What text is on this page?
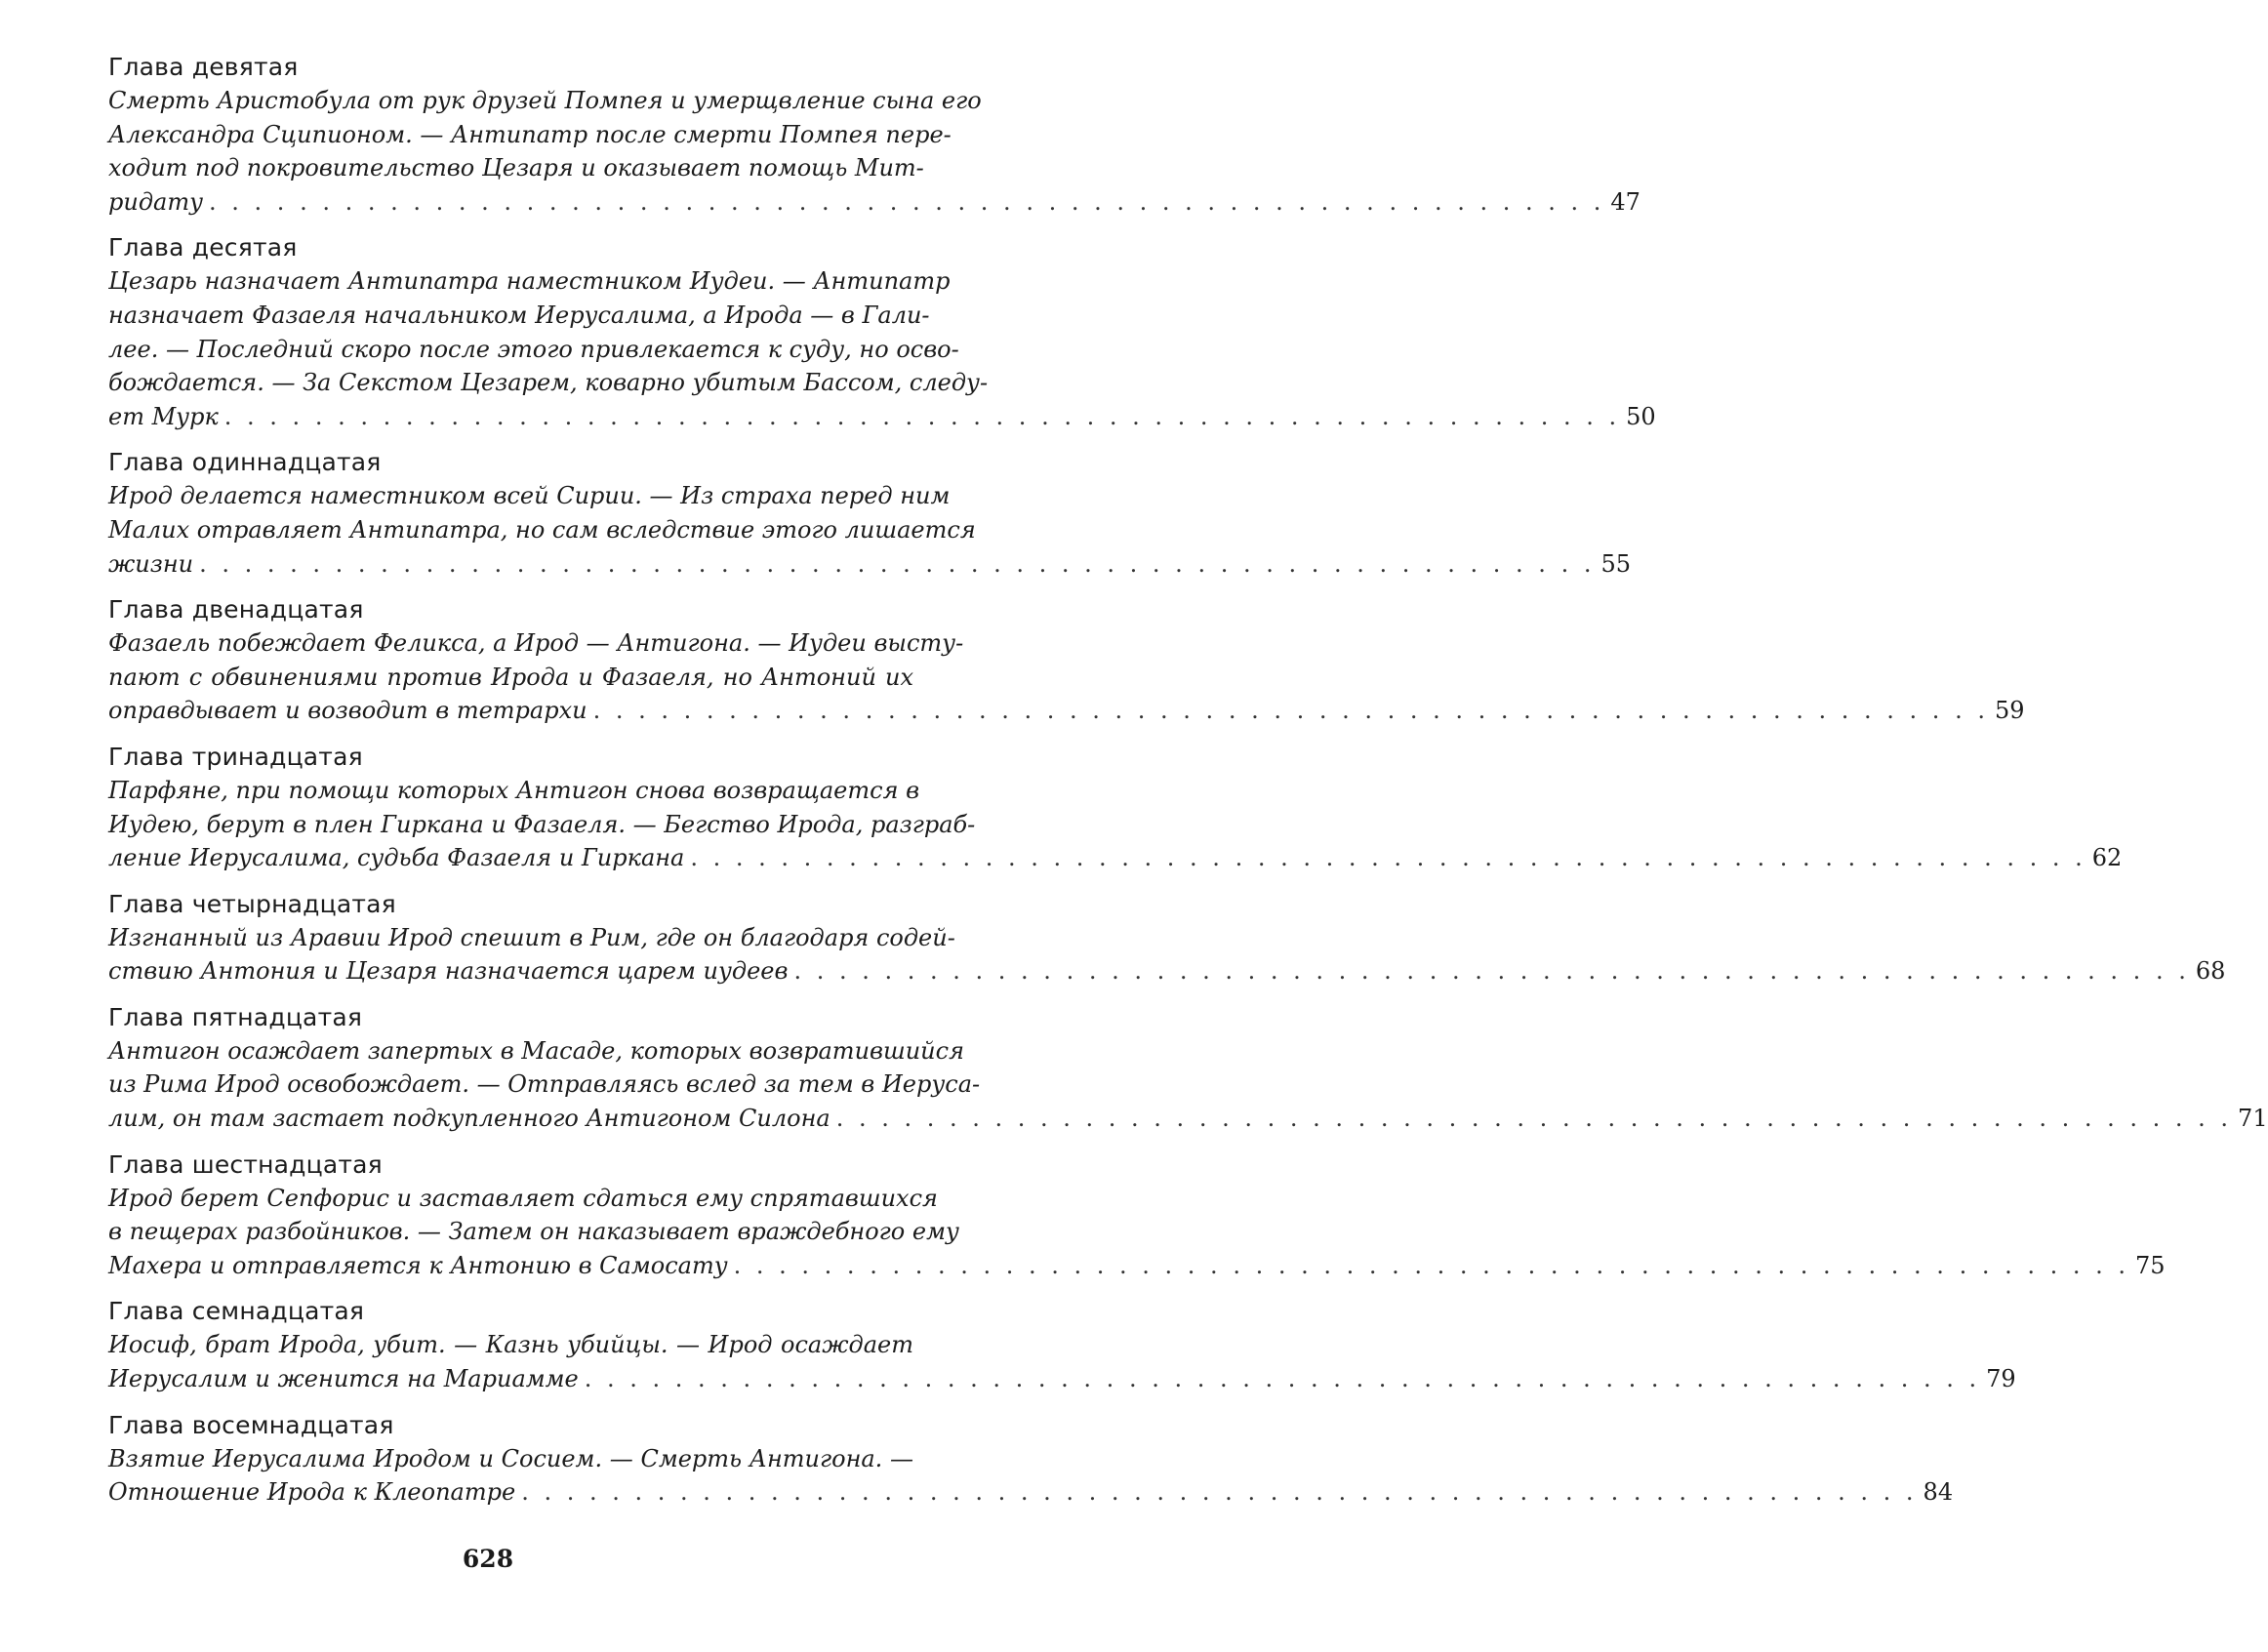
Глава девятая
Смерть Аристобула от рук друзей Помпея и умерщвление сына его
Александра Сципионом. — Антипатр после смерти Помпея пере-
ходит под покровительство Цезаря и оказывает помощь Мит-
ридату . . . . . . . . . . . . . . . . . . . . . . . . . . . . . . . . . . . . . . . . . . . . . . . . . . . . . . . . . . . . . . 47
Глава десятая
Цезарь назначает Антипатра наместником Иудеи. — Антипатр
назначает Фазаеля начальником Иерусалима, а Ирода — в Гали-
лее. — Последний скоро после этого привлекается к суду, но осво-
бождается. — За Секстом Цезарем, коварно убитым Бассом, следу-
ет Мурк . . . . . . . . . . . . . . . . . . . . . . . . . . . . . . . . . . . . . . . . . . . . . . . . . . . . . . . . . . . . . . 50
Глава одиннадцатая
Ирод делается наместником всей Сирии. — Из страха перед ним
Малих отравляет Антипатра, но сам вследствие этого лишается
жизни . . . . . . . . . . . . . . . . . . . . . . . . . . . . . . . . . . . . . . . . . . . . . . . . . . . . . . . . . . . . . . 55
Глава двенадцатая
Фазаель побеждает Феликса, а Ирод — Антигона. — Иудеи высту-
пают с обвинениями против Ирода и Фазаеля, но Антоний их
оправдывает и возводит в тетрархи . . . . . . . . . . . . . . . . . . . . . . . . . . . . . . . . . . . . . . . . . . . . . . . . . . . . . . . . . . . . . . 59
Глава тринадцатая
Парфяне, при помощи которых Антигон снова возвращается в
Иудею, берут в плен Гиркана и Фазаеля. — Бегство Ирода, разграб-
ление Иерусалима, судьба Фазаеля и Гиркана . . . . . . . . . . . . . . . . . . . . . . . . . . . . . . . . . . . . . . . . . . . . . . . . . . . . . . . . . . . . . . 62
Глава четырнадцатая
Изгнанный из Аравии Ирод спешит в Рим, где он благодаря содей-
ствию Антония и Цезаря назначается царем иудеев . . . . . . . . . . . . . . . . . . . . . . . . . . . . . . . . . . . . . . . . . . . . . . . . . . . . . . . . . . . . . . 68
Глава пятнадцатая
Антигон осаждает запертых в Масаде, которых возвратившийся
из Рима Ирод освобождает. — Отправляясь вслед за тем в Иеруса-
лим, он там застает подкупленного Антигоном Силона . . . . . . . . . . . . . . . . . . . . . . . . . . . . . . . . . . . . . . . . . . . . . . . . . . . . . . . . . . . . . . 71
Глава шестнадцатая
Ирод берет Сепфорис и заставляет сдаться ему спрятавшихся
в пещерах разбойников. — Затем он наказывает враждебного ему
Махера и отправляется к Антонию в Самосату . . . . . . . . . . . . . . . . . . . . . . . . . . . . . . . . . . . . . . . . . . . . . . . . . . . . . . . . . . . . . . 75
Глава семнадцатая
Иосиф, брат Ирода, убит. — Казнь убийцы. — Ирод осаждает
Иерусалим и женится на Мариамме . . . . . . . . . . . . . . . . . . . . . . . . . . . . . . . . . . . . . . . . . . . . . . . . . . . . . . . . . . . . . . 79
Глава восемнадцатая
Взятие Иерусалима Иродом и Сосием. — Смерть Антигона. —
Отношение Ирода к Клеопатре . . . . . . . . . . . . . . . . . . . . . . . . . . . . . . . . . . . . . . . . . . . . . . . . . . . . . . . . . . . . . . 84
628
